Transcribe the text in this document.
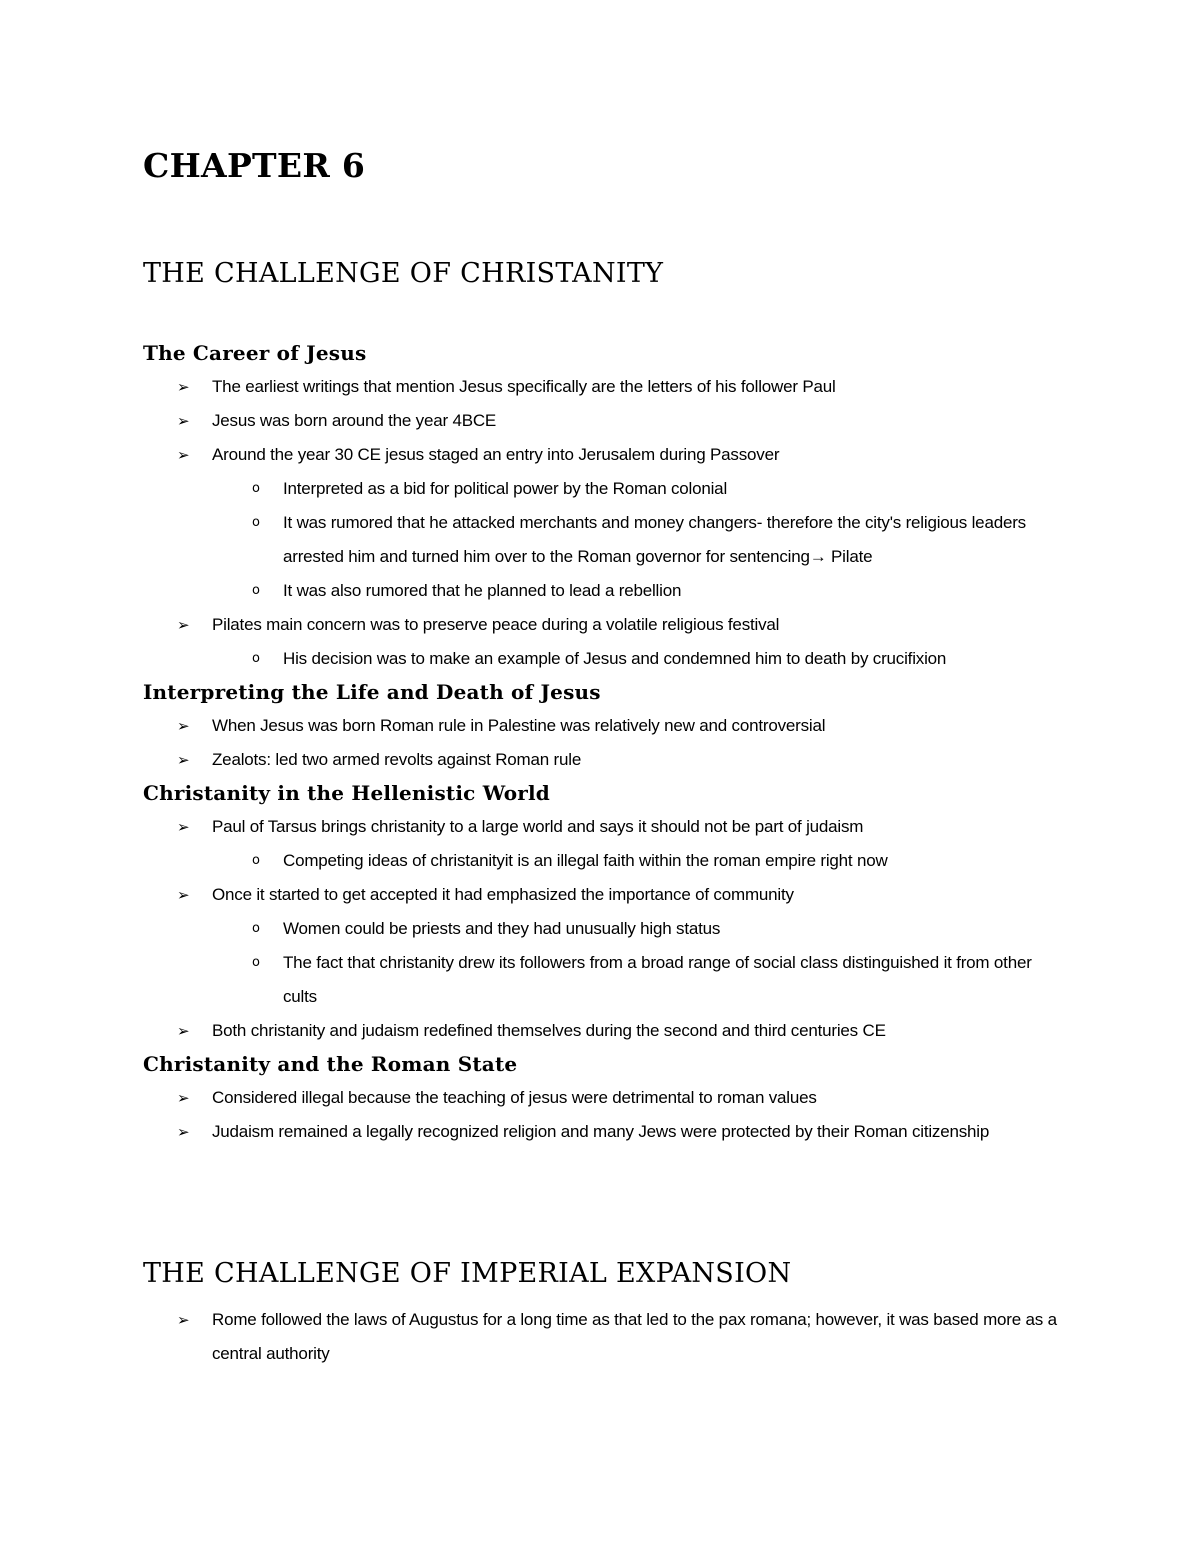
CHAPTER 6
THE CHALLENGE OF CHRISTANITY
The Career of Jesus
➢ The earliest writings that mention Jesus specifically are the letters of his follower Paul
➢ Jesus was born around the year 4BCE
➢ Around the year 30 CE jesus staged an entry into Jerusalem during Passover
o Interpreted as a bid for political power by the Roman colonial
o It was rumored that he attacked merchants and money changers- therefore the city's religious leaders arrested him and turned him over to the Roman governor for sentencing→ Pilate
o It was also rumored that he planned to lead a rebellion
➢ Pilates main concern was to preserve peace during a volatile religious festival
o His decision was to make an example of Jesus and condemned him to death by crucifixion
Interpreting the Life and Death of Jesus
➢ When Jesus was born Roman rule in Palestine was relatively new and controversial
➢ Zealots: led two armed revolts against Roman rule
Christanity in the Hellenistic World
➢ Paul of Tarsus brings christanity to a large world and says it should not be part of judaism
o Competing ideas of christanityit is an illegal faith within the roman empire right now
➢ Once it started to get accepted it had emphasized the importance of community
o Women could be priests and they had unusually high status
o The fact that christanity drew its followers from a broad range of social class distinguished it from other cults
➢ Both christanity and judaism redefined themselves during the second and third centuries CE
Christanity and the Roman State
➢ Considered illegal because the teaching of jesus were detrimental to roman values
➢ Judaism remained a legally recognized religion and many Jews were protected by their Roman citizenship
THE CHALLENGE OF IMPERIAL EXPANSION
➢ Rome followed the laws of Augustus for a long time as that led to the pax romana; however, it was based more as a central authority
